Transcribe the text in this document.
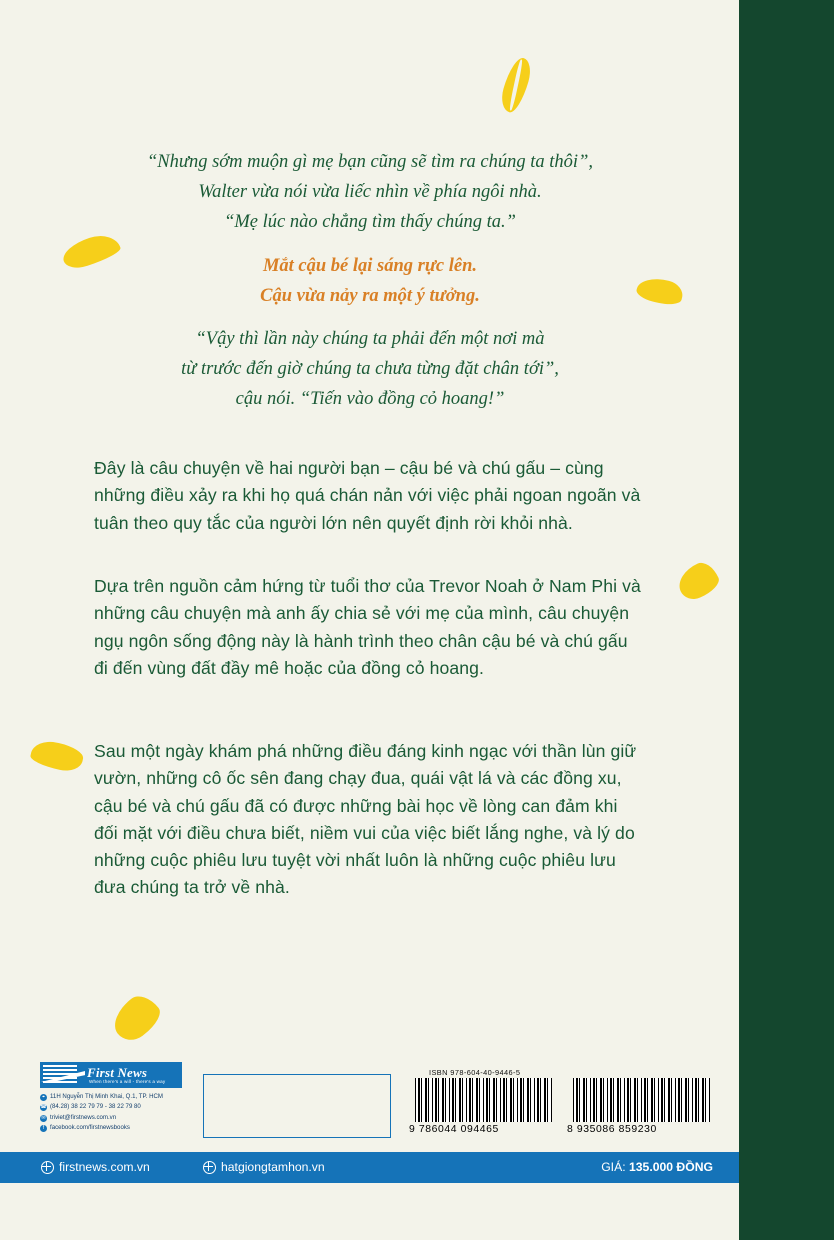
“Nhưng sớm muộn gì mẹ bạn cũng sẽ tìm ra chúng ta thôi”,
Walter vừa nói vừa liếc nhìn về phía ngôi nhà.
“Mẹ lúc nào chẳng tìm thấy chúng ta.”
Mắt cậu bé lại sáng rực lên.
Cậu vừa nảy ra một ý tưởng.
“Vậy thì lần này chúng ta phải đến một nơi mà
từ trước đến giờ chúng ta chưa từng đặt chân tới”,
cậu nói. “Tiến vào đồng cỏ hoang!”
Đây là câu chuyện về hai người bạn – cậu bé và chú gấu – cùng những điều xảy ra khi họ quá chán nản với việc phải ngoan ngoãn và tuân theo quy tắc của người lớn nên quyết định rời khỏi nhà.
Dựa trên nguồn cảm hứng từ tuổi thơ của Trevor Noah ở Nam Phi và những câu chuyện mà anh ấy chia sẻ với mẹ của mình, câu chuyện ngụ ngôn sống động này là hành trình theo chân cậu bé và chú gấu đi đến vùng đất đầy mê hoặc của đồng cỏ hoang.
Sau một ngày khám phá những điều đáng kinh ngạc với thần lùn giữ vườn, những cô ốc sên đang chạy đua, quái vật lá và các đồng xu, cậu bé và chú gấu đã có được những bài học về lòng can đảm khi đối mặt với điều chưa biết, niềm vui của việc biết lắng nghe, và lý do những cuộc phiêu lưu tuyệt vời nhất luôn là những cuộc phiêu lưu đưa chúng ta trở về nhà.
First News
When there's a will - there's a way
⌖ 11H Nguyễn Thị Minh Khai, Q.1, TP. HCM
☎ (84.28) 38 22 79 79 - 38 22 79 80
✉ triviet@firstnews.com.vn
f facebook.com/firstnewsbooks
ISBN 978-604-40-9446-5
9 786044 094465	8 935086 859230
firstnews.com.vn	hatgiongtamhon.vn	GIÁ: 135.000 ĐỒNG
